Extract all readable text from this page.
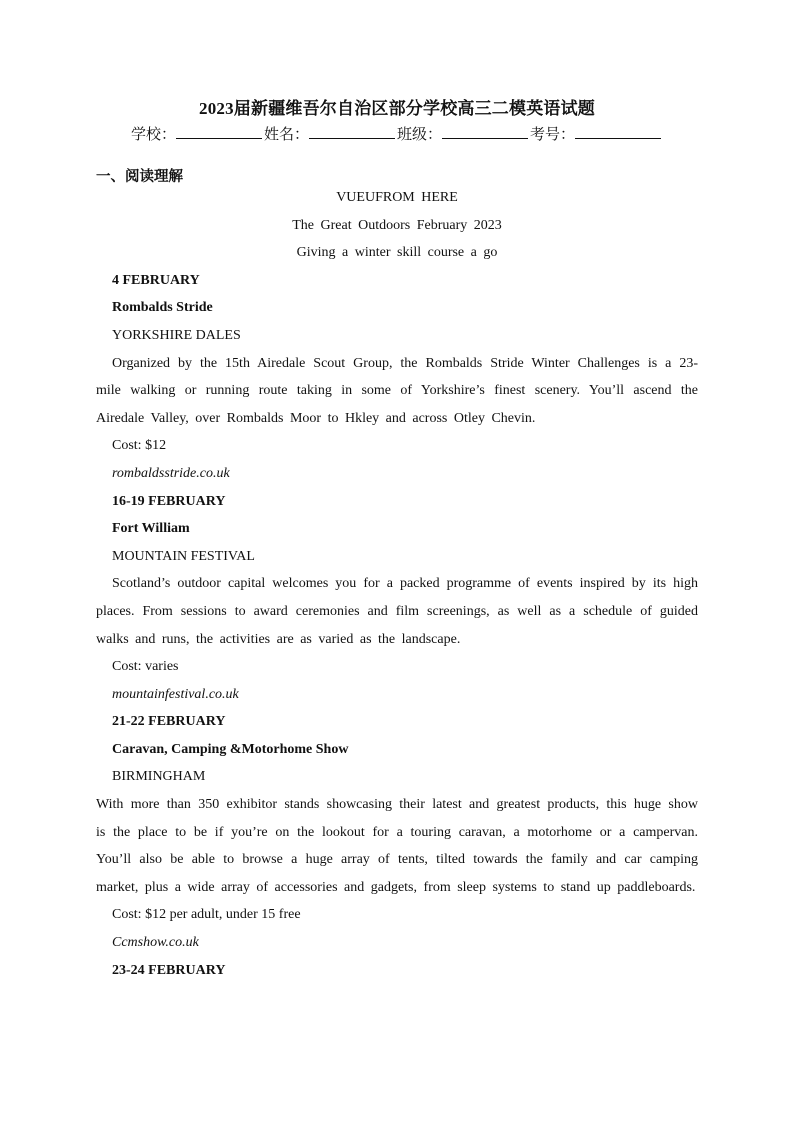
2023届新疆维吾尔自治区部分学校高三二模英语试题
学校：	姓名：	班级：	考号：
一、阅读理解

VUEUFROM HERE

The Great Outdoors February 2023

Giving a winter skill course a go

4 FEBRUARY

Rombalds Stride

YORKSHIRE DALES

Organized by the 15th Airedale Scout Group, the Rombalds Stride Winter Challenges is a 23-mile walking or running route taking in some of Yorkshire’s finest scenery. You’ll ascend the Airedale Valley, over Rombalds Moor to Hkley and across Otley Chevin.

Cost: $12

rombaldsstride.co.uk

16-19 FEBRUARY

Fort William

MOUNTAIN FESTIVAL

Scotland’s outdoor capital welcomes you for a packed programme of events inspired by its high places. From sessions to award ceremonies and film screenings, as well as a schedule of guided walks and runs, the activities are as varied as the landscape.

Cost: varies

mountainfestival.co.uk

21-22 FEBRUARY

Caravan, Camping &Motorhome Show

BIRMINGHAM

With more than 350 exhibitor stands showcasing their latest and greatest products, this huge show is the place to be if you’re on the lookout for a touring caravan, a motorhome or a campervan. You’ll also be able to browse a huge array of tents, tilted towards the family and car camping market, plus a wide array of accessories and gadgets, from sleep systems to stand up paddleboards.

Cost: $12 per adult, under 15 free

Ccmshow.co.uk

23-24 FEBRUARY
